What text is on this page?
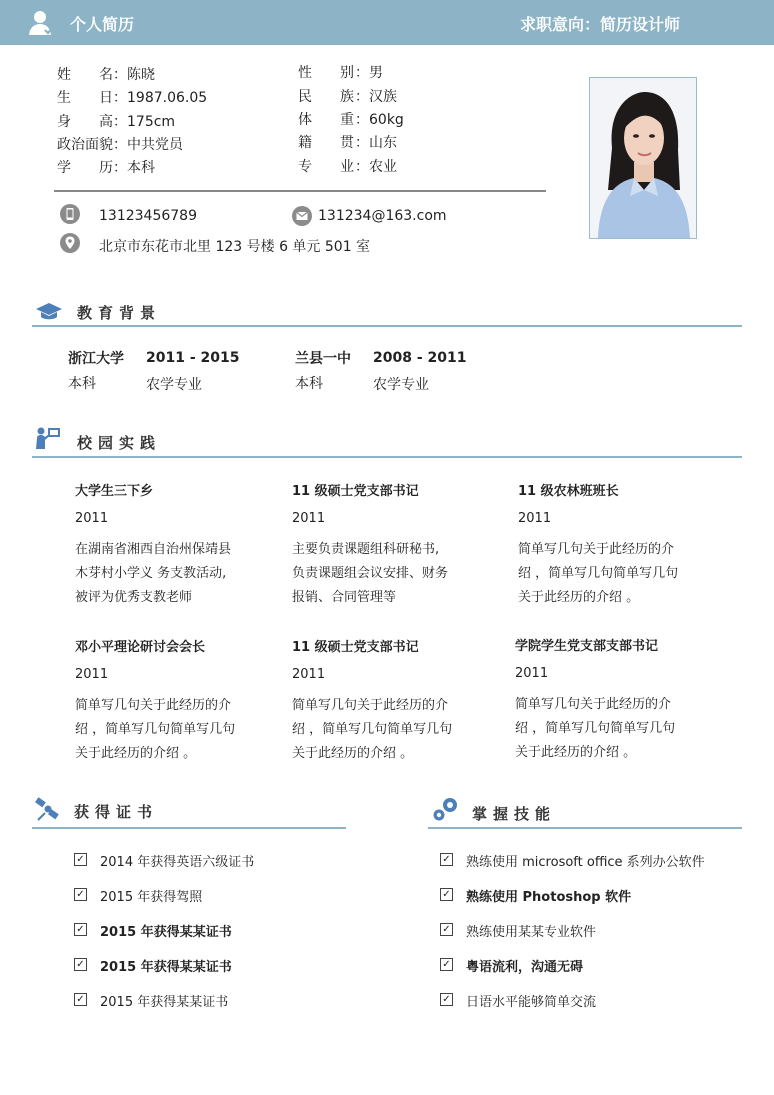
个人简历	求职意向：简历设计师
姓　　名 ：陈晓
生　　日 ：1987.06.05
身　　高 ：175cm
政治面貌 ：中共党员
学　　历 ：本科
性　　别 ：男
民　　族 ：汉族
体　　重 ：60kg
籍　　贯 ：山东
专　　业 ：农业
13123456789	131234@163.com
北京市东花市北里 123 号楼 6 单元 501 室
教育背景
浙江大学 2011 - 2015
本科	农学专业
兰县一中 2008 - 2011
本科	农学专业
校园实践
大学生三下乡
2011
在湖南省湘西自治州保靖县
木芽村小学义 务支教活动,
被评为优秀支教老师
11 级硕士党支部书记
2011
主要负责课题组科研秘书,
负责课题组会议安排、财务
报销、合同管理等
11 级农林班班长
2011
简单写几句关于此经历的介
绍 ，简单写几句简单写几句
关于此经历的介绍 。
邓小平理论研讨会会长
2011
简单写几句关于此经历的介
绍 ，简单写几句简单写几句
关于此经历的介绍 。
11 级硕士党支部书记
2011
简单写几句关于此经历的介
绍 ，简单写几句简单写几句
关于此经历的介绍 。
学院学生党支部支部书记
2011
简单写几句关于此经历的介
绍 ，简单写几句简单写几句
关于此经历的介绍 。
获得证书
✓ 2014 年获得英语六级证书
✓ 2015 年获得驾照
✓ 2015 年获得某某证书
✓ 2015 年获得某某证书
✓ 2015 年获得某某证书
掌握技能
✓ 熟练使用 microsoft office 系列办公软件
✓ 熟练使用 Photoshop 软件
✓ 熟练使用某某专业软件
✓ 粤语流利，沟通无碍
✓ 日语水平能够简单交流
